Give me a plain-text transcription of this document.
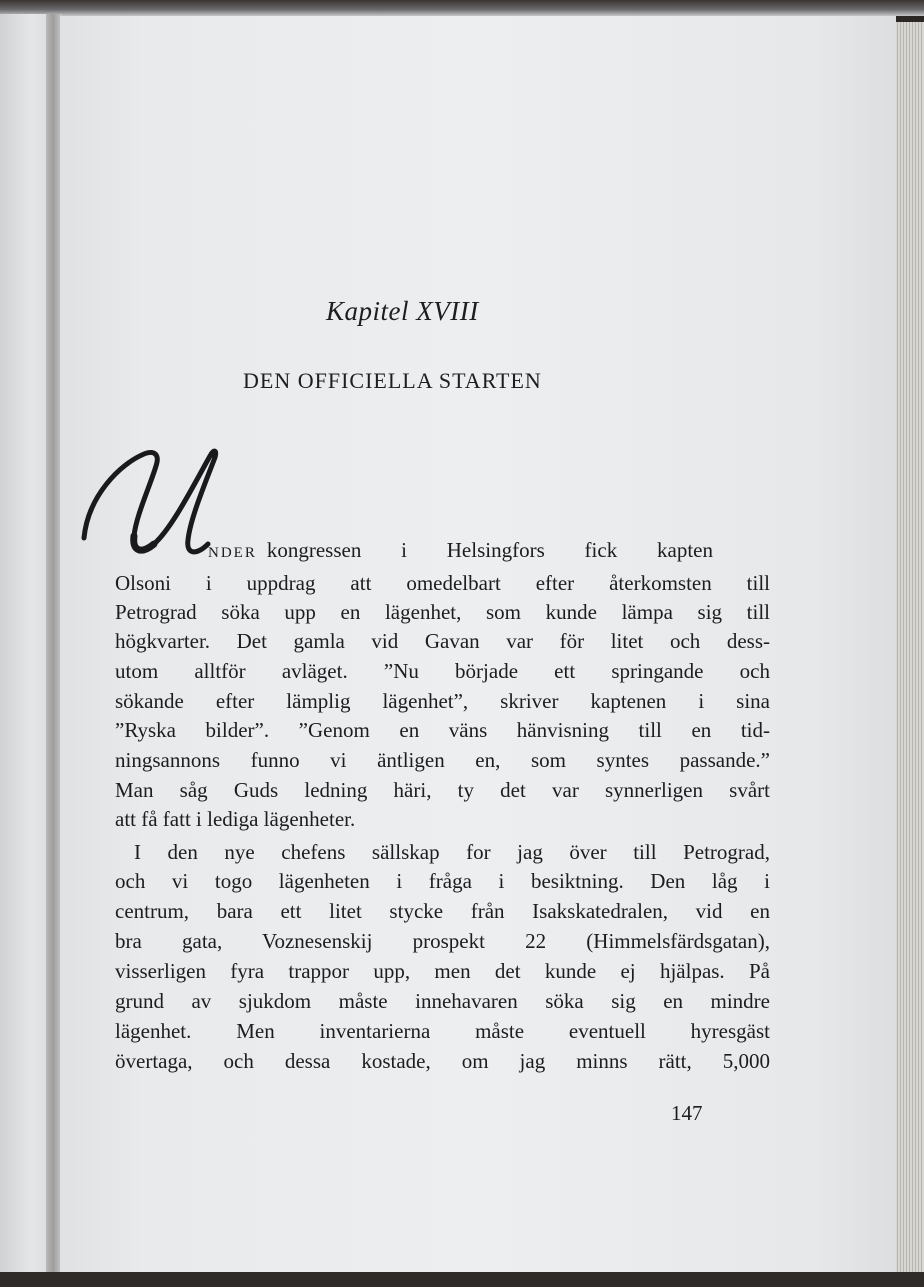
Kapitel XVIII
DEN OFFICIELLA STARTEN
NDER kongressen i Helsingfors fick kapten
Olsoni i uppdrag att omedelbart efter återkomsten till
Petrograd söka upp en lägenhet, som kunde lämpa sig till
högkvarter. Det gamla vid Gavan var för litet och dess-
utom alltför avläget. ”Nu började ett springande och
sökande efter lämplig lägenhet”, skriver kaptenen i sina
”Ryska bilder”. ”Genom en väns hänvisning till en tid-
ningsannons funno vi äntligen en, som syntes passande.”
Man såg Guds ledning häri, ty det var synnerligen svårt
att få fatt i lediga lägenheter.
I den nye chefens sällskap for jag över till Petrograd,
och vi togo lägenheten i fråga i besiktning. Den låg i
centrum, bara ett litet stycke från Isakskatedralen, vid en
bra gata, Voznesenskij prospekt 22 (Himmelsfärdsgatan),
visserligen fyra trappor upp, men det kunde ej hjälpas. På
grund av sjukdom måste innehavaren söka sig en mindre
lägenhet. Men inventarierna måste eventuell hyresgäst
övertaga, och dessa kostade, om jag minns rätt, 5,000
147
